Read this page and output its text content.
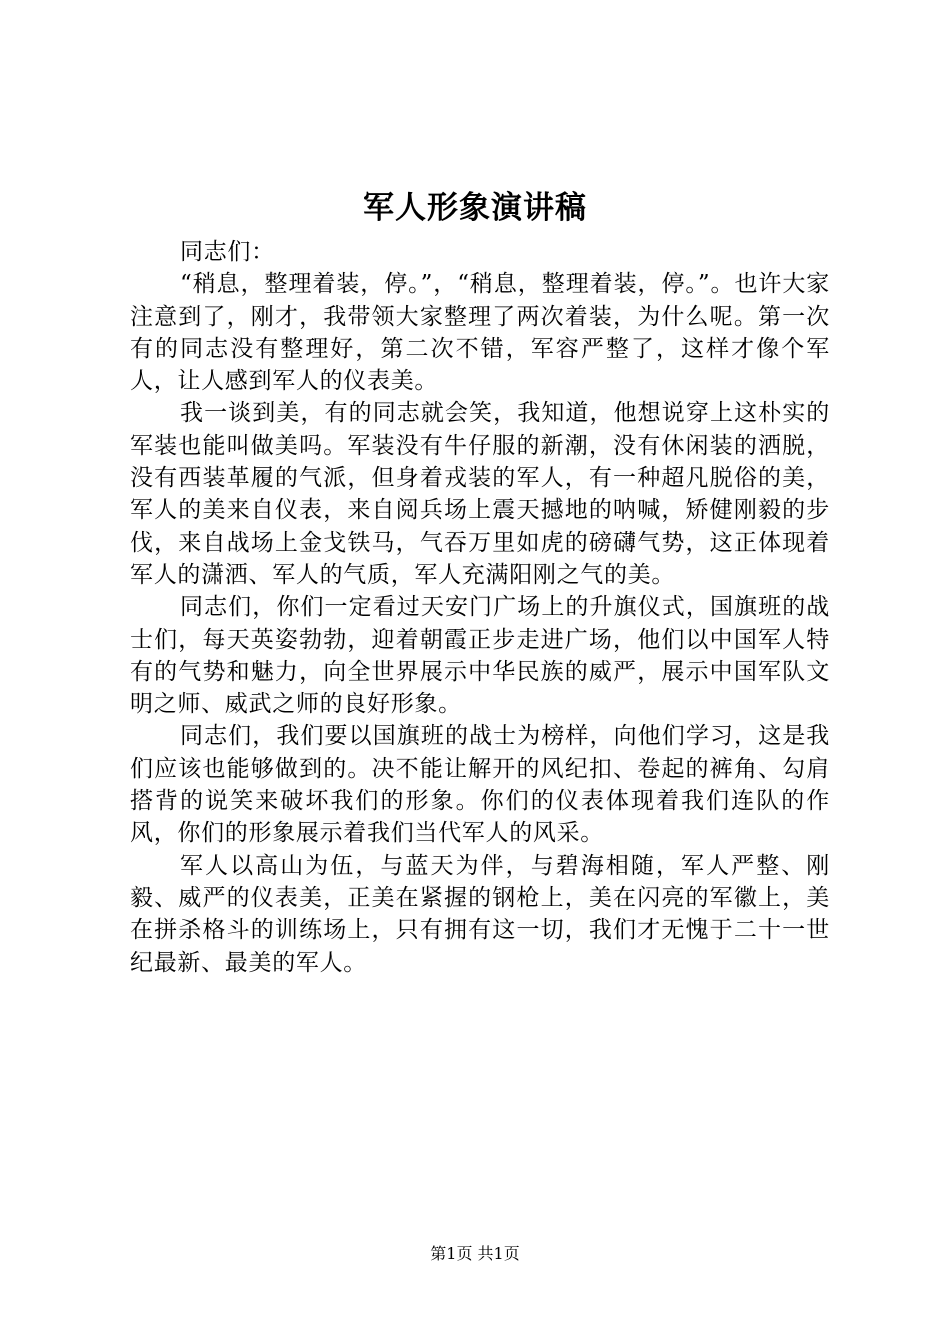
军人形象演讲稿

同志们：

“稍息，整理着装，停。”，“稍息，整理着装，停。”。也许大家注意到了，刚才，我带领大家整理了两次着装，为什么呢。第一次有的同志没有整理好，第二次不错，军容严整了，这样才像个军人，让人感到军人的仪表美。

我一谈到美，有的同志就会笑，我知道，他想说穿上这朴实的军装也能叫做美吗。军装没有牛仔服的新潮，没有休闲装的洒脱，没有西装革履的气派，但身着戎装的军人，有一种超凡脱俗的美，军人的美来自仪表，来自阅兵场上震天撼地的呐喊，矫健刚毅的步伐，来自战场上金戈铁马，气吞万里如虎的磅礴气势，这正体现着军人的潇洒、军人的气质，军人充满阳刚之气的美。

同志们，你们一定看过天安门广场上的升旗仪式，国旗班的战士们，每天英姿勃勃，迎着朝霞正步走进广场，他们以中国军人特有的气势和魅力，向全世界展示中华民族的威严，展示中国军队文明之师、威武之师的良好形象。

同志们，我们要以国旗班的战士为榜样，向他们学习，这是我们应该也能够做到的。决不能让解开的风纪扣、卷起的裤角、勾肩搭背的说笑来破坏我们的形象。你们的仪表体现着我们连队的作风，你们的形象展示着我们当代军人的风采。

军人以高山为伍，与蓝天为伴，与碧海相随，军人严整、刚毅、威严的仪表美，正美在紧握的钢枪上，美在闪亮的军徽上，美在拼杀格斗的训练场上，只有拥有这一切，我们才无愧于二十一世纪最新、最美的军人。

第1页 共1页
